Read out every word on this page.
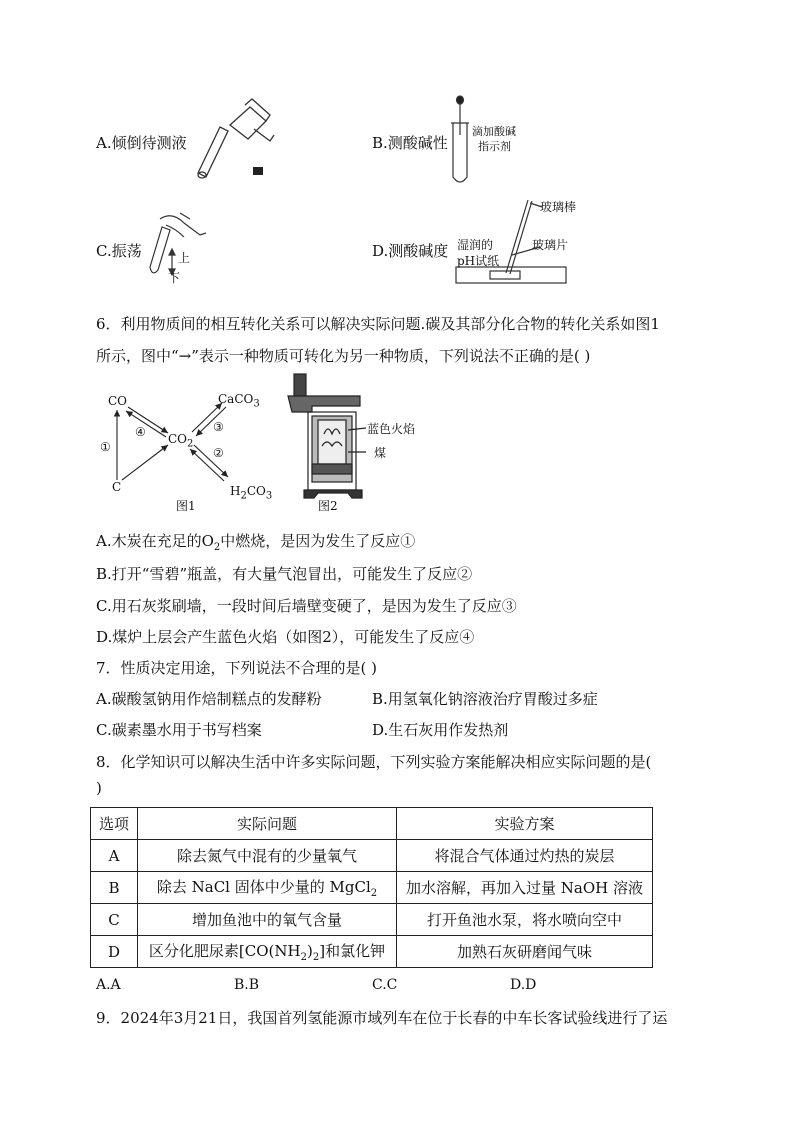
A.倾倒待测液	B.测酸碱性
滴加酸碱
指示剂
C.振荡	上
下
D.测酸碱度
玻璃棒
湿润的
pH试纸
玻璃片
6．利用物质间的相互转化关系可以解决实际问题.碳及其部分化合物的转化关系如图1
所示，图中“→”表示一种物质可转化为另一种物质，下列说法不正确的是( )
CO
$CO_2$
CaCO$_3$
C	$H_2CO_3$
①
④	③
②
图1
蓝色火焰
煤
图2
A.木炭在充足的$O_2$中燃烧，是因为发生了反应①
B.打开“雪碧”瓶盖，有大量气泡冒出，可能发生了反应②
C.用石灰浆刷墙，一段时间后墙壁变硬了，是因为发生了反应③
D.煤炉上层会产生蓝色火焰（如图2），可能发生了反应④
7．性质决定用途，下列说法不合理的是( )
A.碳酸氢钠用作焙制糕点的发酵粉	B.用氢氧化钠溶液治疗胃酸过多症
C.碳素墨水用于书写档案	D.生石灰用作发热剂
8．化学知识可以解决生活中许多实际问题，下列实验方案能解决相应实际问题的是(
)
选项	实际问题	实验方案
A	除去氮气中混有的少量氧气	将混合气体通过灼热的炭层
B	除去 NaCl 固体中少量的 MgCl$_2$	加水溶解，再加入过量 NaOH 溶液
C	增加鱼池中的氧气含量	打开鱼池水泵，将水喷向空中
D	区分化肥尿素$[CO(NH_2)_2]$和氯化钾	加熟石灰研磨闻气味
A.A	B.B	C.C	D.D
9．2024年3月21日，我国首列氢能源市域列车在位于长春的中车长客试验线进行了运
